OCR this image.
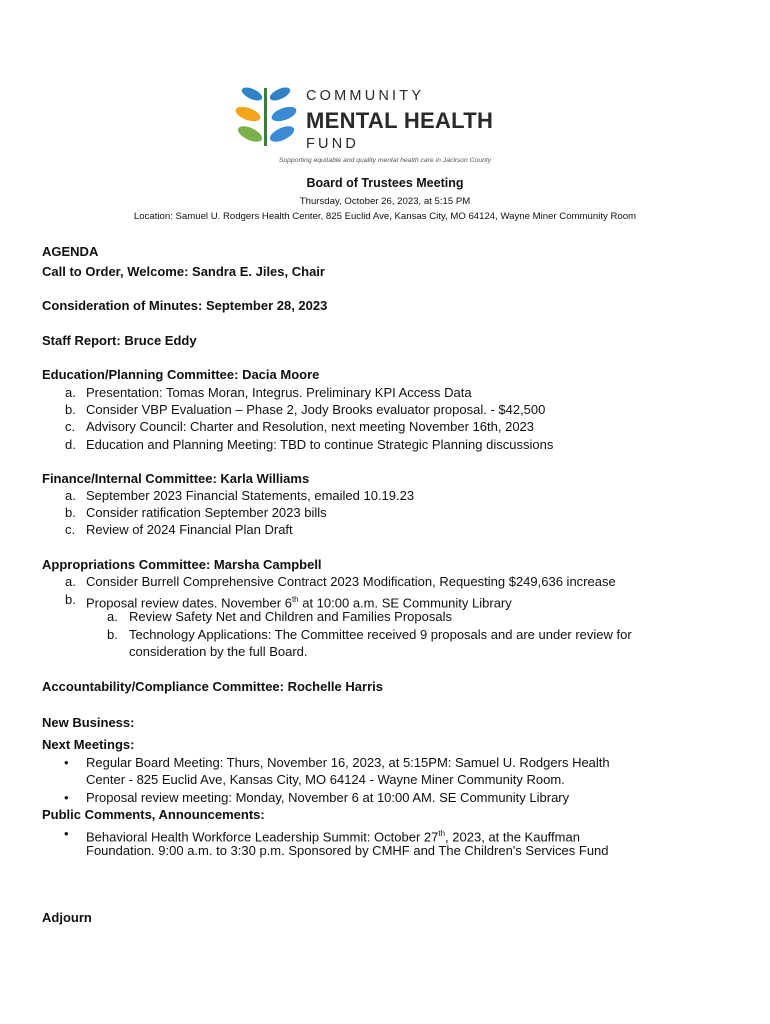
COMMUNITY
MENTAL HEALTH
FUND
Supporting equitable and quality mental health care in Jackson County
Board of Trustees Meeting
Thursday, October 26, 2023, at 5:15 PM
Location: Samuel U. Rodgers Health Center, 825 Euclid Ave, Kansas City, MO 64124, Wayne Miner Community Room
AGENDA
Call to Order, Welcome: Sandra E. Jiles, Chair
Consideration of Minutes: September 28, 2023
Staff Report: Bruce Eddy
Education/Planning Committee: Dacia Moore
a. Presentation: Tomas Moran, Integrus. Preliminary KPI Access Data
b. Consider VBP Evaluation – Phase 2, Jody Brooks evaluator proposal. - $42,500
c. Advisory Council: Charter and Resolution, next meeting November 16th, 2023
d. Education and Planning Meeting: TBD to continue Strategic Planning discussions
Finance/Internal Committee: Karla Williams
a. September 2023 Financial Statements, emailed 10.19.23
b. Consider ratification September 2023 bills
c. Review of 2024 Financial Plan Draft
Appropriations Committee: Marsha Campbell
a. Consider Burrell Comprehensive Contract 2023 Modification, Requesting $249,636 increase
b. Proposal review dates. November 6th at 10:00 a.m. SE Community Library
a. Review Safety Net and Children and Families Proposals
b. Technology Applications: The Committee received 9 proposals and are under review for
consideration by the full Board.
Accountability/Compliance Committee: Rochelle Harris
New Business:
Next Meetings:
• Regular Board Meeting: Thurs, November 16, 2023, at 5:15PM: Samuel U. Rodgers Health
Center - 825 Euclid Ave, Kansas City, MO 64124 - Wayne Miner Community Room.
• Proposal review meeting: Monday, November 6 at 10:00 AM. SE Community Library
Public Comments, Announcements:
• Behavioral Health Workforce Leadership Summit: October 27th, 2023, at the Kauffman
Foundation. 9:00 a.m. to 3:30 p.m. Sponsored by CMHF and The Children's Services Fund
Adjourn
